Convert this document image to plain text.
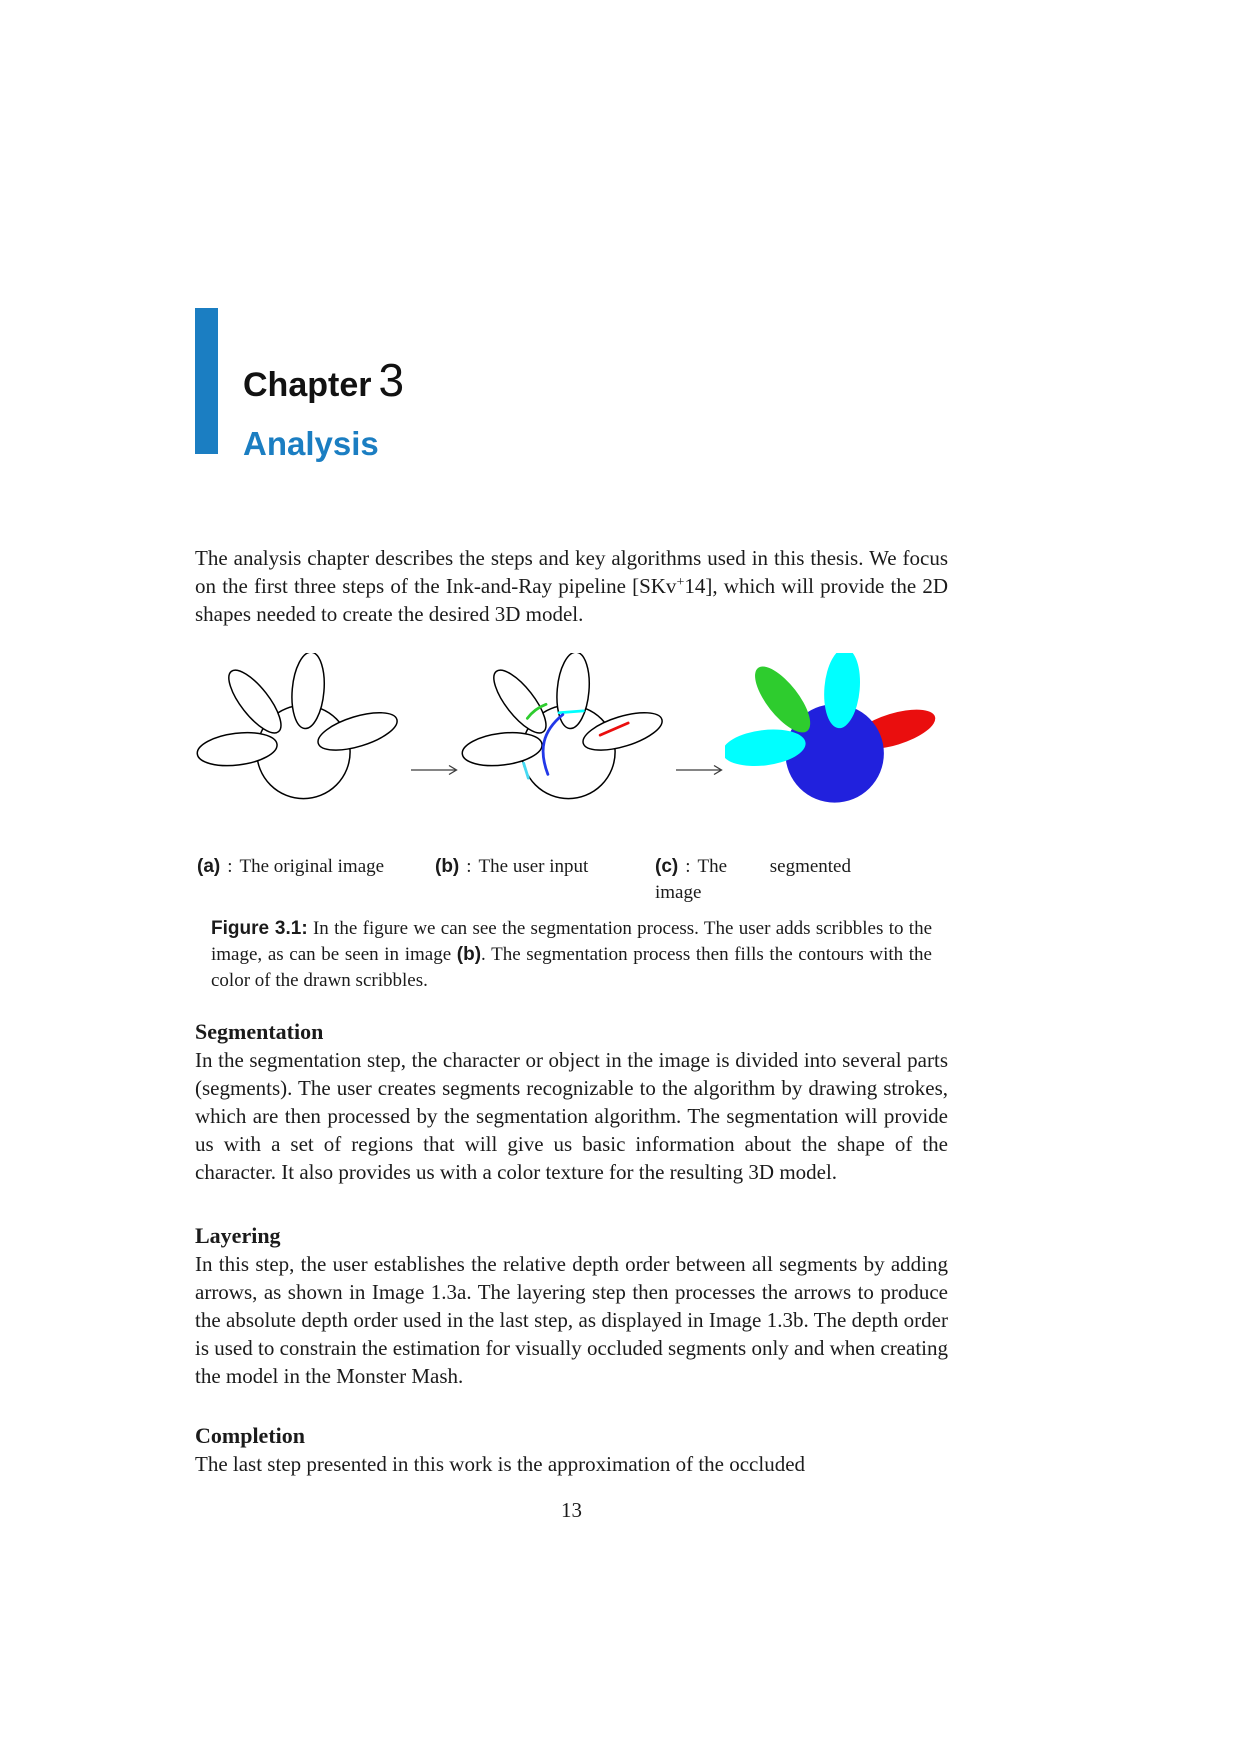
Chapter 3
Analysis

The analysis chapter describes the steps and key algorithms used in this thesis. We focus on the first three steps of the Ink-and-Ray pipeline [SKv+14], which will provide the 2D shapes needed to create the desired 3D model.

(a) : The original image	(b) : The user input	(c) : The segmented image
Figure 3.1: In the figure we can see the segmentation process. The user adds scribbles to the image, as can be seen in image (b). The segmentation process then fills the contours with the color of the drawn scribbles.
Segmentation

In the segmentation step, the character or object in the image is divided into several parts (segments). The user creates segments recognizable to the algorithm by drawing strokes, which are then processed by the segmentation algorithm. The segmentation will provide us with a set of regions that will give us basic information about the shape of the character. It also provides us with a color texture for the resulting 3D model.

Layering

In this step, the user establishes the relative depth order between all segments by adding arrows, as shown in Image 1.3a. The layering step then processes the arrows to produce the absolute depth order used in the last step, as displayed in Image 1.3b. The depth order is used to constrain the estimation for visually occluded segments only and when creating the model in the Monster Mash.

Completion

The last step presented in this work is the approximation of the occluded

13
